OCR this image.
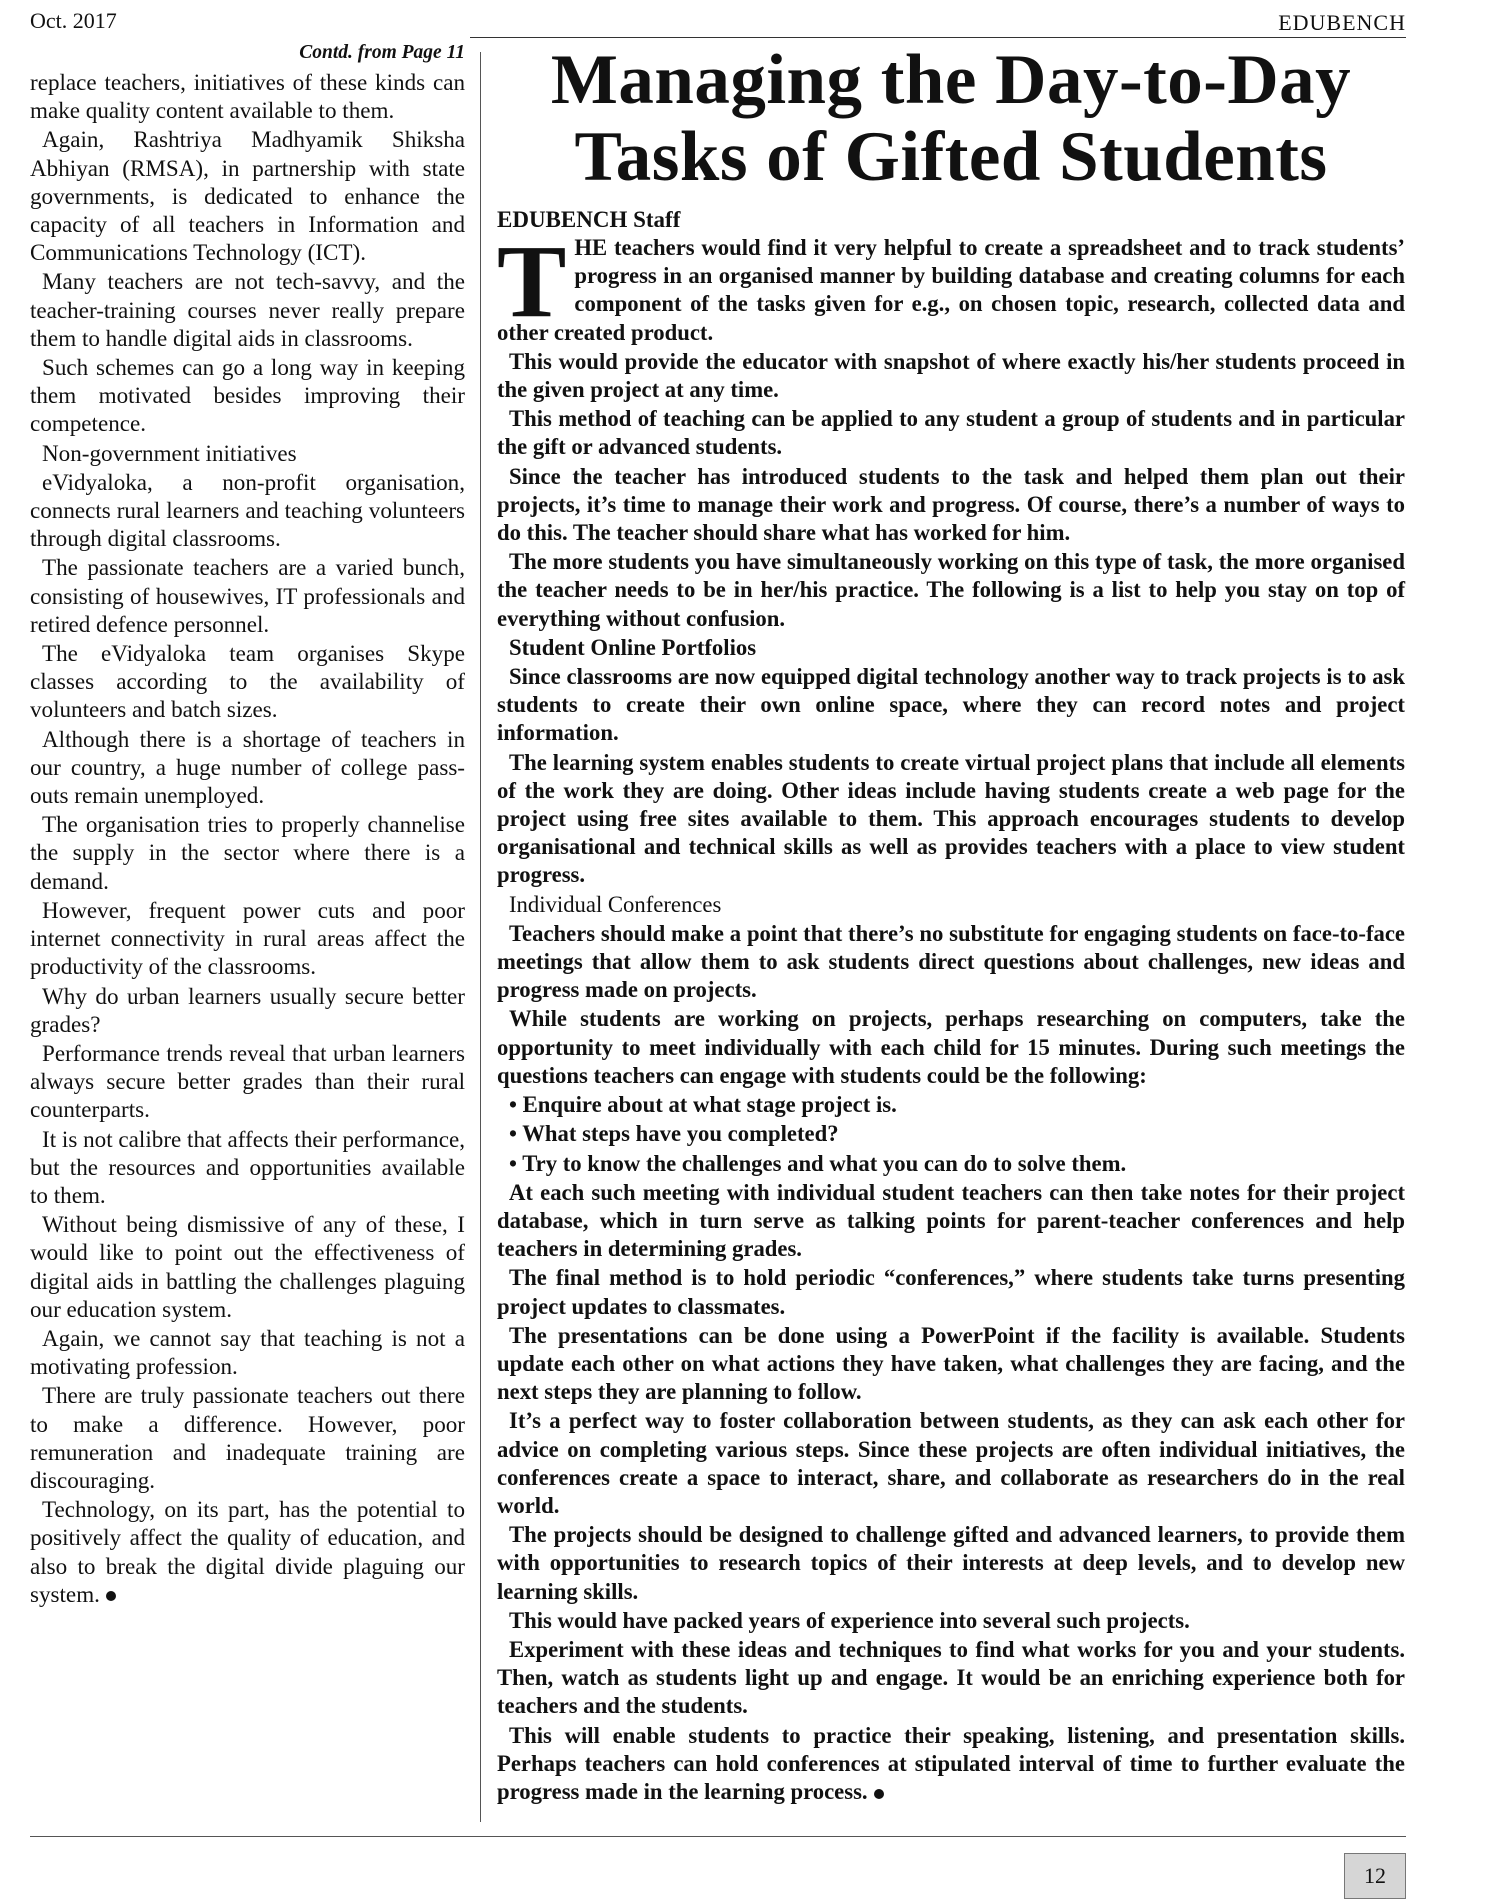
Oct. 2017	EDUBENCH

Contd. from Page 11

replace teachers, initiatives of these kinds can make quality content available to them.

Again, Rashtriya Madhyamik Shiksha Abhiyan (RMSA), in partnership with state governments, is dedicated to enhance the capacity of all teachers in Information and Communications Technology (ICT).

Many teachers are not tech-savvy, and the teacher-training courses never really prepare them to handle digital aids in classrooms.

Such schemes can go a long way in keeping them motivated besides improving their competence.

Non-government initiatives

eVidyaloka, a non-profit organisation, connects rural learners and teaching volunteers through digital classrooms.

The passionate teachers are a varied bunch, consisting of housewives, IT professionals and retired defence personnel.

The eVidyaloka team organises Skype classes according to the availability of volunteers and batch sizes.

Although there is a shortage of teachers in our country, a huge number of college pass-outs remain unemployed.

The organisation tries to properly channelise the supply in the sector where there is a demand.

However, frequent power cuts and poor internet connectivity in rural areas affect the productivity of the classrooms.

Why do urban learners usually secure better grades?

Performance trends reveal that urban learners always secure better grades than their rural counterparts.

It is not calibre that affects their performance, but the resources and opportunities available to them.

Without being dismissive of any of these, I would like to point out the effectiveness of digital aids in battling the challenges plaguing our education system.

Again, we cannot say that teaching is not a motivating profession.

There are truly passionate teachers out there to make a difference. However, poor remuneration and inadequate training are discouraging.

Technology, on its part, has the potential to positively affect the quality of education, and also to break the digital divide plaguing our system.

Managing the Day-to-Day Tasks of Gifted Students

EDUBENCH Staff

THE teachers would find it very helpful to create a spreadsheet and to track students’ progress in an organised manner by building database and creating columns for each component of the tasks given for e.g., on chosen topic, research, collected data and other created product.

This would provide the educator with snapshot of where exactly his/her students proceed in the given project at any time.

This method of teaching can be applied to any student a group of students and in particular the gift or advanced students.

Since the teacher has introduced students to the task and helped them plan out their projects, it’s time to manage their work and progress. Of course, there’s a number of ways to do this. The teacher should share what has worked for him.

The more students you have simultaneously working on this type of task, the more organised the teacher needs to be in her/his practice. The following is a list to help you stay on top of everything without confusion.

Student Online Portfolios

Since classrooms are now equipped digital technology another way to track projects is to ask students to create their own online space, where they can record notes and project information.

The learning system enables students to create virtual project plans that include all elements of the work they are doing. Other ideas include having students create a web page for the project using free sites available to them. This approach encourages students to develop organisational and technical skills as well as provides teachers with a place to view student progress.

Individual Conferences

Teachers should make a point that there’s no substitute for engaging students on face-to-face meetings that allow them to ask students direct questions about challenges, new ideas and progress made on projects.

While students are working on projects, perhaps researching on computers, take the opportunity to meet individually with each child for 15 minutes. During such meetings the questions teachers can engage with students could be the following:

• Enquire about at what stage project is.

• What steps have you completed?

• Try to know the challenges and what you can do to solve them.

At each such meeting with individual student teachers can then take notes for their project database, which in turn serve as talking points for parent-teacher conferences and help teachers in determining grades.

The final method is to hold periodic “conferences,” where students take turns presenting project updates to classmates.

The presentations can be done using a PowerPoint if the facility is available. Students update each other on what actions they have taken, what challenges they are facing, and the next steps they are planning to follow.

It’s a perfect way to foster collaboration between students, as they can ask each other for advice on completing various steps. Since these projects are often individual initiatives, the conferences create a space to interact, share, and collaborate as researchers do in the real world.

The projects should be designed to challenge gifted and advanced learners, to provide them with opportunities to research topics of their interests at deep levels, and to develop new learning skills.

This would have packed years of experience into several such projects.

Experiment with these ideas and techniques to find what works for you and your students. Then, watch as students light up and engage. It would be an enriching experience both for teachers and the students.

This will enable students to practice their speaking, listening, and presentation skills. Perhaps teachers can hold conferences at stipulated interval of time to further evaluate the progress made in the learning process.

12
